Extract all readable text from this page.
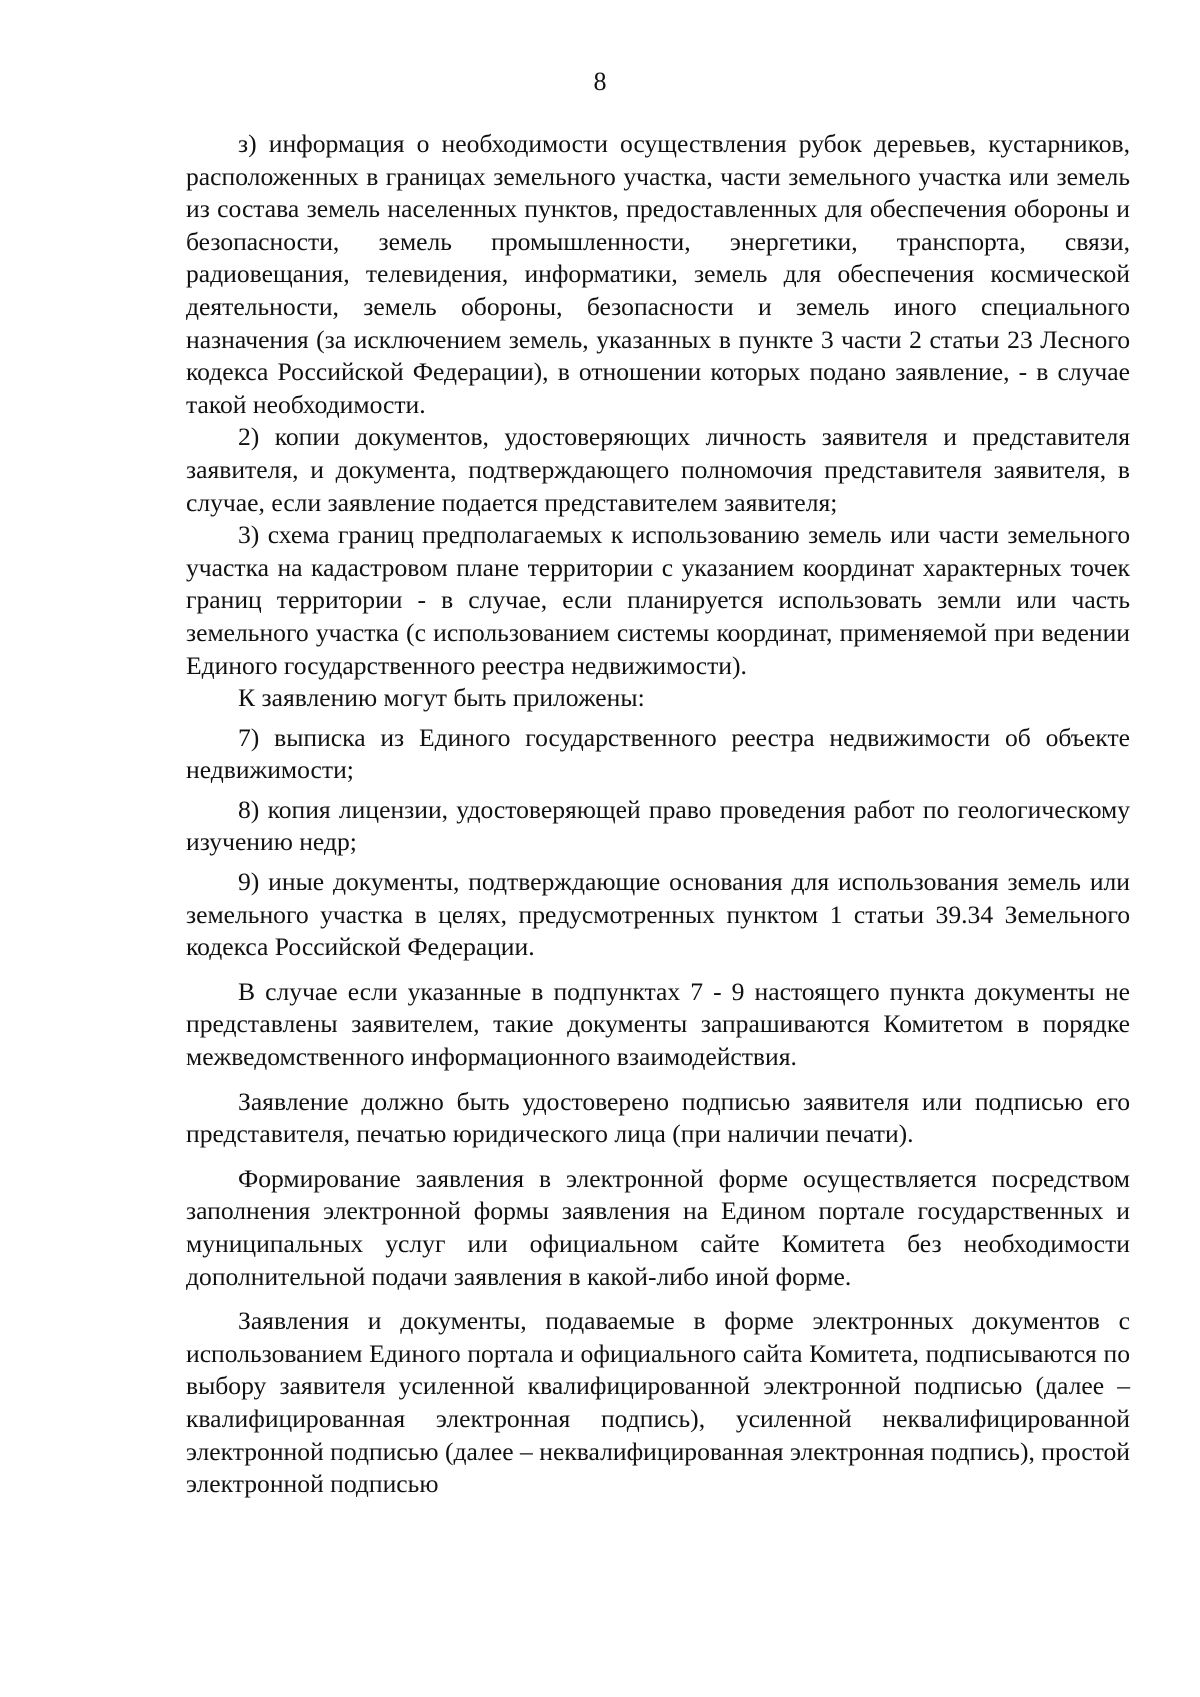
8

з) информация о необходимости осуществления рубок деревьев, кустарников, расположенных в границах земельного участка, части земельного участка или земель из состава земель населенных пунктов, предоставленных для обеспечения обороны и безопасности, земель промышленности, энергетики, транспорта, связи, радиовещания, телевидения, информатики, земель для обеспечения космической деятельности, земель обороны, безопасности и земель иного специального назначения (за исключением земель, указанных в пункте 3 части 2 статьи 23 Лесного кодекса Российской Федерации), в отношении которых подано заявление, - в случае такой необходимости.

2) копии документов, удостоверяющих личность заявителя и представителя заявителя, и документа, подтверждающего полномочия представителя заявителя, в случае, если заявление подается представителем заявителя;

3) схема границ предполагаемых к использованию земель или части земельного участка на кадастровом плане территории с указанием координат характерных точек границ территории - в случае, если планируется использовать земли или часть земельного участка (с использованием системы координат, применяемой при ведении Единого государственного реестра недвижимости).

К заявлению могут быть приложены:

7) выписка из Единого государственного реестра недвижимости об объекте недвижимости;

8) копия лицензии, удостоверяющей право проведения работ по геологическому изучению недр;

9) иные документы, подтверждающие основания для использования земель или земельного участка в целях, предусмотренных пунктом 1 статьи 39.34 Земельного кодекса Российской Федерации.

В случае если указанные в подпунктах 7 - 9 настоящего пункта документы не представлены заявителем, такие документы запрашиваются Комитетом в порядке межведомственного информационного взаимодействия.

Заявление должно быть удостоверено подписью заявителя или подписью его представителя, печатью юридического лица (при наличии печати).

Формирование заявления в электронной форме осуществляется посредством заполнения электронной формы заявления на Едином портале государственных и муниципальных услуг или официальном сайте Комитета без необходимости дополнительной подачи заявления в какой-либо иной форме.

Заявления и документы, подаваемые в форме электронных документов с использованием Единого портала и официального сайта Комитета, подписываются по выбору заявителя усиленной квалифицированной электронной подписью (далее – квалифицированная электронная подпись), усиленной неквалифицированной электронной подписью (далее – неквалифицированная электронная подпись), простой электронной подписью
